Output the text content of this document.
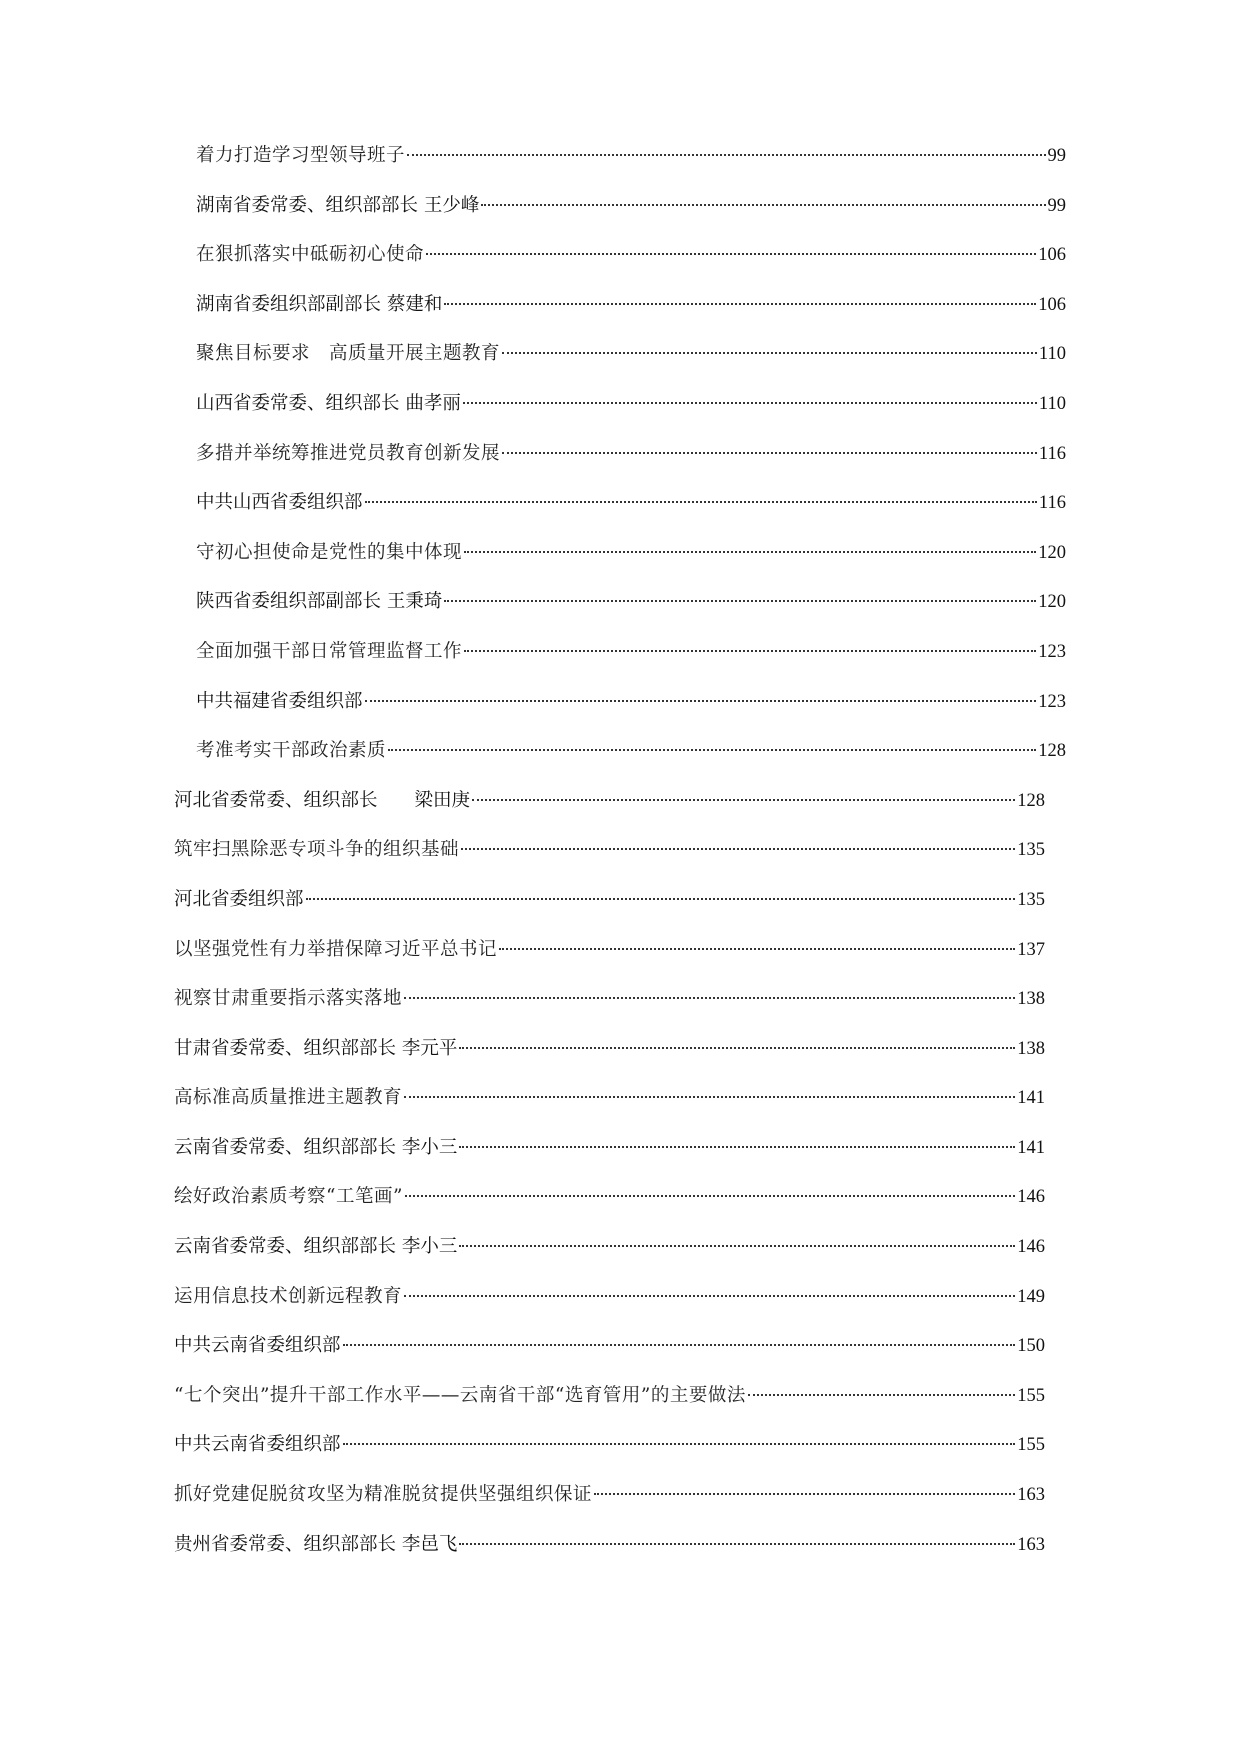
着力打造学习型领导班子	99
湖南省委常委、组织部部长 王少峰	99
在狠抓落实中砥砺初心使命	106
湖南省委组织部副部长 蔡建和	106
聚焦目标要求　高质量开展主题教育	110
山西省委常委、组织部长 曲孝丽	110
多措并举统筹推进党员教育创新发展	116
中共山西省委组织部	116
守初心担使命是党性的集中体现	120
陕西省委组织部副部长 王秉琦	120
全面加强干部日常管理监督工作	123
中共福建省委组织部	123
考准考实干部政治素质	128
河北省委常委、组织部长　　梁田庚	128
筑牢扫黑除恶专项斗争的组织基础	135
河北省委组织部	135
以坚强党性有力举措保障习近平总书记	137
视察甘肃重要指示落实落地	138
甘肃省委常委、组织部部长 李元平	138
高标准高质量推进主题教育	141
云南省委常委、组织部部长 李小三	141
绘好政治素质考察“工笔画”	146
云南省委常委、组织部部长 李小三	146
运用信息技术创新远程教育	149
中共云南省委组织部	150
“七个突出”提升干部工作水平——云南省干部“选育管用”的主要做法	155
中共云南省委组织部	155
抓好党建促脱贫攻坚为精准脱贫提供坚强组织保证	163
贵州省委常委、组织部部长 李邑飞	163
